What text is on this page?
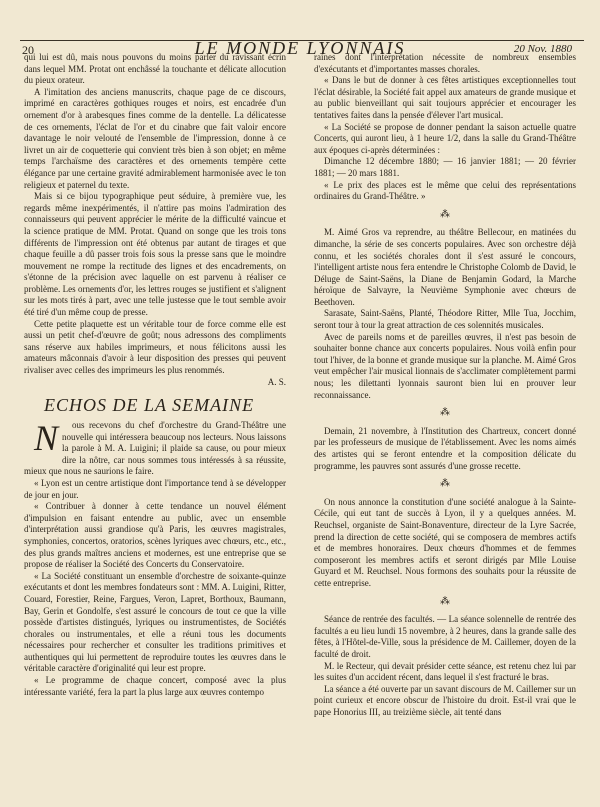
20	LE MONDE LYONNAIS	20 Nov. 1880

qui lui est dû, mais nous pouvons du moins parler du ravissant écrin dans lequel MM. Protat ont enchâssé la touchante et délicate allocution du pieux orateur.

A l'imitation des anciens manuscrits, chaque page de ce discours, imprimé en caractères gothiques rouges et noirs, est encadrée d'un ornement d'or à arabesques fines comme de la dentelle. La délicatesse de ces ornements, l'éclat de l'or et du cinabre que fait valoir encore davantage le noir velouté de l'ensemble de l'impression, donne à ce livret un air de coquetterie qui convient très bien à son objet; en même temps l'archaïsme des caractères et des ornements tempère cette élégance par une certaine gravité admirablement harmonisée avec le ton religieux et paternel du texte.

Mais si ce bijou typographique peut séduire, à première vue, les regards même inexpérimentés, il n'attire pas moins l'admiration des connaisseurs qui peuvent apprécier le mérite de la difficulté vaincue et la science pratique de MM. Protat. Quand on songe que les trois tons différents de l'impression ont été obtenus par autant de tirages et que chaque feuille a dû passer trois fois sous la presse sans que le moindre mouvement ne rompe la rectitude des lignes et des encadrements, on s'étonne de la précision avec laquelle on est parvenu à réaliser ce problème. Les ornements d'or, les lettres rouges se justifient et s'alignent sur les mots tirés à part, avec une telle justesse que le tout semble avoir été tiré d'un même coup de presse.

Cette petite plaquette est un véritable tour de force comme elle est aussi un petit chef-d'œuvre de goût; nous adressons des compliments sans réserve aux habiles imprimeurs, et nous félicitons aussi les amateurs mâconnais d'avoir à leur disposition des presses qui peuvent rivaliser avec celles des imprimeurs les plus renommés.

A. S.

ECHOS DE LA SEMAINE

N ous recevons du chef d'orchestre du Grand-Théâtre une nouvelle qui intéressera beaucoup nos lecteurs. Nous laissons la parole à M. A. Luigini; il plaide sa cause, ou pour mieux dire la nôtre, car nous sommes tous intéressés à sa réussite, mieux que nous ne saurions le faire.

« Lyon est un centre artistique dont l'importance tend à se développer de jour en jour.

« Contribuer à donner à cette tendance un nouvel élément d'impulsion en faisant entendre au public, avec un ensemble d'interprétation aussi grandiose qu'à Paris, les œuvres magistrales, symphonies, concertos, oratorios, scènes lyriques avec chœurs, etc., etc., des plus grands maîtres anciens et modernes, est une entreprise que se propose de réaliser la Société des Concerts du Conservatoire.

« La Société constituant un ensemble d'orchestre de soixante-quinze exécutants et dont les membres fondateurs sont : MM. A. Luigini, Ritter, Couard, Forestier, Reine, Fargues, Veron, Lapret, Borthoux, Baumann, Bay, Gerin et Gondolfe, s'est assuré le concours de tout ce que la ville possède d'artistes distingués, lyriques ou instrumentistes, de Sociétés chorales ou instrumentales, et elle a réuni tous les documents nécessaires pour rechercher et consulter les traditions primitives et authentiques qui lui permettent de reproduire toutes les œuvres dans le véritable caractère d'originalité qui leur est propre.

« Le programme de chaque concert, composé avec la plus intéressante variété, fera la part la plus large aux œuvres contempo

raines dont l'interprétation nécessite de nombreux ensembles d'exécutants et d'importantes masses chorales.

« Dans le but de donner à ces fêtes artistiques exceptionnelles tout l'éclat désirable, la Société fait appel aux amateurs de grande musique et au public bienveillant qui sait toujours apprécier et encourager les tentatives faites dans la pensée d'élever l'art musical.

« La Société se propose de donner pendant la saison actuelle quatre Concerts, qui auront lieu, à 1 heure 1/2, dans la salle du Grand-Théâtre aux époques ci-après déterminées :

Dimanche 12 décembre 1880; — 16 janvier 1881; — 20 février 1881; — 20 mars 1881.

« Le prix des places est le même que celui des représentations ordinaires du Grand-Théâtre. »

⁂

M. Aimé Gros va reprendre, au théâtre Bellecour, en matinées du dimanche, la série de ses concerts populaires. Avec son orchestre déjà connu, et les sociétés chorales dont il s'est assuré le concours, l'intelligent artiste nous fera entendre le Christophe Colomb de David, le Déluge de Saint-Saëns, la Diane de Benjamin Godard, la Marche héroïque de Salvayre, la Neuvième Symphonie avec chœurs de Beethoven.

Sarasate, Saint-Saëns, Planté, Théodore Ritter, Mlle Tua, Jocchim, seront tour à tour la great attraction de ces solennités musicales.

Avec de pareils noms et de pareilles œuvres, il n'est pas besoin de souhaiter bonne chance aux concerts populaires. Nous voilà enfin pour tout l'hiver, de la bonne et grande musique sur la planche. M. Aimé Gros veut empêcher l'air musical lionnais de s'acclimater complètement parmi nous; les dilettanti lyonnais sauront bien lui en prouver leur reconnaissance.

⁂

Demain, 21 novembre, à l'Institution des Chartreux, concert donné par les professeurs de musique de l'établissement. Avec les noms aimés des artistes qui se feront entendre et la composition délicate du programme, les pauvres sont assurés d'une grosse recette.

⁂

On nous annonce la constitution d'une société analogue à la Sainte-Cécile, qui eut tant de succès à Lyon, il y a quelques années. M. Reuchsel, organiste de Saint-Bonaventure, directeur de la Lyre Sacrée, prend la direction de cette société, qui se composera de membres actifs et de membres honoraires. Deux chœurs d'hommes et de femmes composeront les membres actifs et seront dirigés par Mlle Louise Guyard et M. Reuchsel. Nous formons des souhaits pour la réussite de cette entreprise.

⁂

Séance de rentrée des facultés. — La séance solennelle de rentrée des facultés a eu lieu lundi 15 novembre, à 2 heures, dans la grande salle des fêtes, à l'Hôtel-de-Ville, sous la présidence de M. Caillemer, doyen de la faculté de droit.

M. le Recteur, qui devait présider cette séance, est retenu chez lui par les suites d'un accident récent, dans lequel il s'est fracturé le bras.

La séance a été ouverte par un savant discours de M. Caillemer sur un point curieux et encore obscur de l'histoire du droit. Est-il vrai que le pape Honorius III, au treizième siècle, ait tenté dans
